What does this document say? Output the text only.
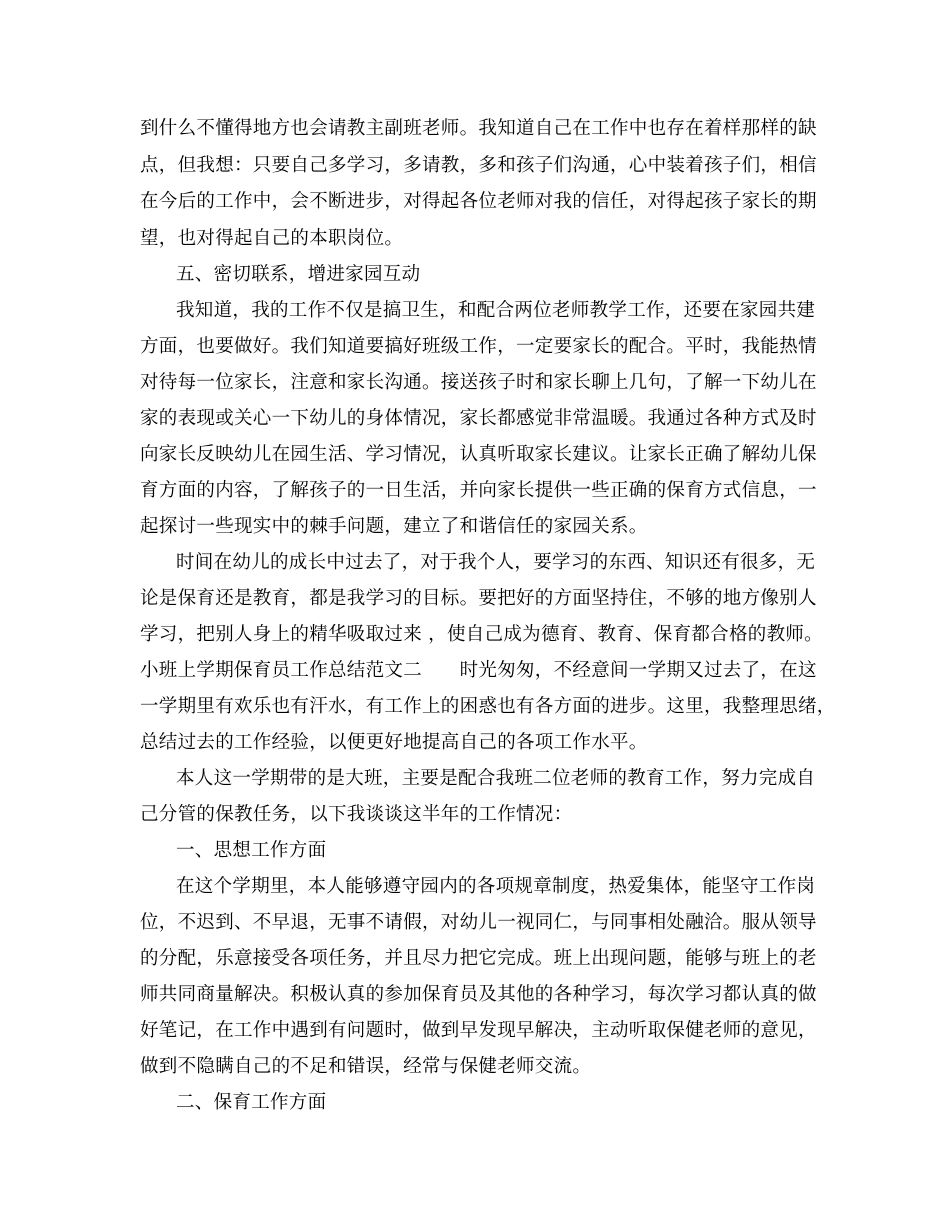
到什么不懂得地方也会请教主副班老师。我知道自己在工作中也存在着样那样的缺
点，但我想：只要自己多学习，多请教，多和孩子们沟通，心中装着孩子们，相信
在今后的工作中，会不断进步，对得起各位老师对我的信任，对得起孩子家长的期
望，也对得起自己的本职岗位。
五、密切联系，增进家园互动
我知道，我的工作不仅是搞卫生，和配合两位老师教学工作，还要在家园共建
方面，也要做好。我们知道要搞好班级工作，一定要家长的配合。平时，我能热情
对待每一位家长，注意和家长沟通。接送孩子时和家长聊上几句，了解一下幼儿在
家的表现或关心一下幼儿的身体情况，家长都感觉非常温暖。我通过各种方式及时
向家长反映幼儿在园生活、学习情况，认真听取家长建议。让家长正确了解幼儿保
育方面的内容，了解孩子的一日生活，并向家长提供一些正确的保育方式信息，一
起探讨一些现实中的棘手问题，建立了和谐信任的家园关系。
时间在幼儿的成长中过去了，对于我个人，要学习的东西、知识还有很多，无
论是保育还是教育，都是我学习的目标。要把好的方面坚持住，不够的地方像别人
学习，把别人身上的精华吸取过来 ，使自己成为德育、教育、保育都合格的教师。
小班上学期保育员工作总结范文二　　时光匆匆，不经意间一学期又过去了，在这
一学期里有欢乐也有汗水，有工作上的困惑也有各方面的进步。这里，我整理思绪，
总结过去的工作经验，以便更好地提高自己的各项工作水平。
本人这一学期带的是大班，主要是配合我班二位老师的教育工作，努力完成自
己分管的保教任务，以下我谈谈这半年的工作情况：
一、思想工作方面
在这个学期里，本人能够遵守园内的各项规章制度，热爱集体，能坚守工作岗
位，不迟到、不早退，无事不请假，对幼儿一视同仁，与同事相处融洽。服从领导
的分配，乐意接受各项任务，并且尽力把它完成。班上出现问题，能够与班上的老
师共同商量解决。积极认真的参加保育员及其他的各种学习，每次学习都认真的做
好笔记，在工作中遇到有问题时，做到早发现早解决，主动听取保健老师的意见，
做到不隐瞒自己的不足和错误，经常与保健老师交流。
二、保育工作方面
